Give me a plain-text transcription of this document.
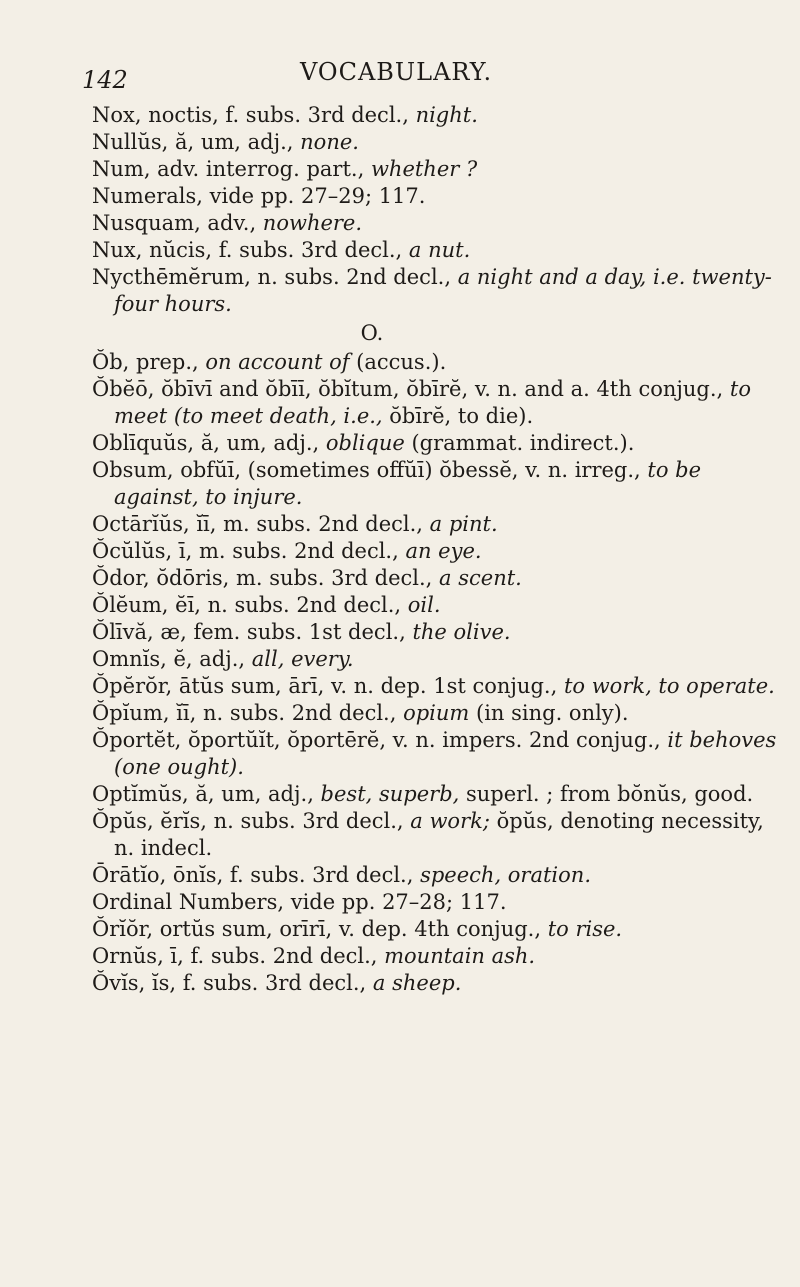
142	VOCABULARY.
Nox, noctis, f. subs. 3rd decl., night.
Nullŭs, ă, um, adj., none.
Num, adv. interrog. part., whether ?
Numerals, vide pp. 27–29; 117.
Nusquam, adv., nowhere.
Nux, nŭcis, f. subs. 3rd decl., a nut.
Nycthēmĕrum, n. subs. 2nd decl., a night and a day, i.e. twenty-four hours.
O.
Ŏb, prep., on account of (accus.).
Ŏbĕō, ŏbīvī and ŏbīī, ŏbĭtum, ŏbīrĕ, v. n. and a. 4th conjug., to meet (to meet death, i.e., ŏbīrĕ, to die).
Oblīquŭs, ă, um, adj., oblique (grammat. indirect.).
Obsum, obfŭī, (sometimes offŭī) ŏbessĕ, v. n. irreg., to be against, to injure.
Octārĭŭs, ĭī, m. subs. 2nd decl., a pint.
Ŏcŭlŭs, ī, m. subs. 2nd decl., an eye.
Ŏdor, ŏdōris, m. subs. 3rd decl., a scent.
Ŏlĕum, ĕī, n. subs. 2nd decl., oil.
Ŏlīvă, æ, fem. subs. 1st decl., the olive.
Omnĭs, ĕ, adj., all, every.
Ŏpĕrŏr, ātŭs sum, ārī, v. n. dep. 1st conjug., to work, to operate.
Ŏpĭum, ĭī, n. subs. 2nd decl., opium (in sing. only).
Ŏportĕt, ŏportŭĭt, ŏportērĕ, v. n. impers. 2nd conjug., it behoves (one ought).
Optĭmŭs, ă, um, adj., best, superb, superl. ; from bŏnŭs, good.
Ŏpŭs, ĕrĭs, n. subs. 3rd decl., a work; ŏpŭs, denoting necessity, n. indecl.
Ōrātĭo, ōnĭs, f. subs. 3rd decl., speech, oration.
Ordinal Numbers, vide pp. 27–28; 117.
Ŏrĭŏr, ortŭs sum, orīrī, v. dep. 4th conjug., to rise.
Ornŭs, ī, f. subs. 2nd decl., mountain ash.
Ŏvĭs, ĭs, f. subs. 3rd decl., a sheep.
